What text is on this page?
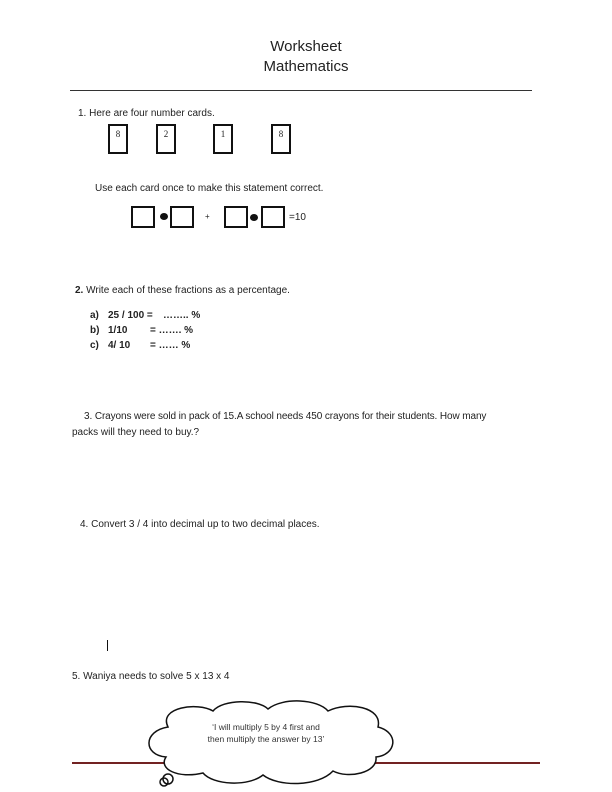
Worksheet
Mathematics
1. Here are four number cards.
8	2	1	8
Use each card once to make this statement correct.
+	=10
2. Write each of these fractions as a percentage.
a) 25 / 100 = …….. %
b) 1/10 = ……. %
c) 4/ 10 = …… %
3. Crayons were sold in pack of 15.A school needs 450 crayons for their students. How many
packs will they need to buy.?
4. Convert 3 / 4 into decimal up to two decimal places.
5. Waniya needs to solve 5 x 13 x 4
‘I will multiply 5 by 4 first and
then multiply the answer by 13’
